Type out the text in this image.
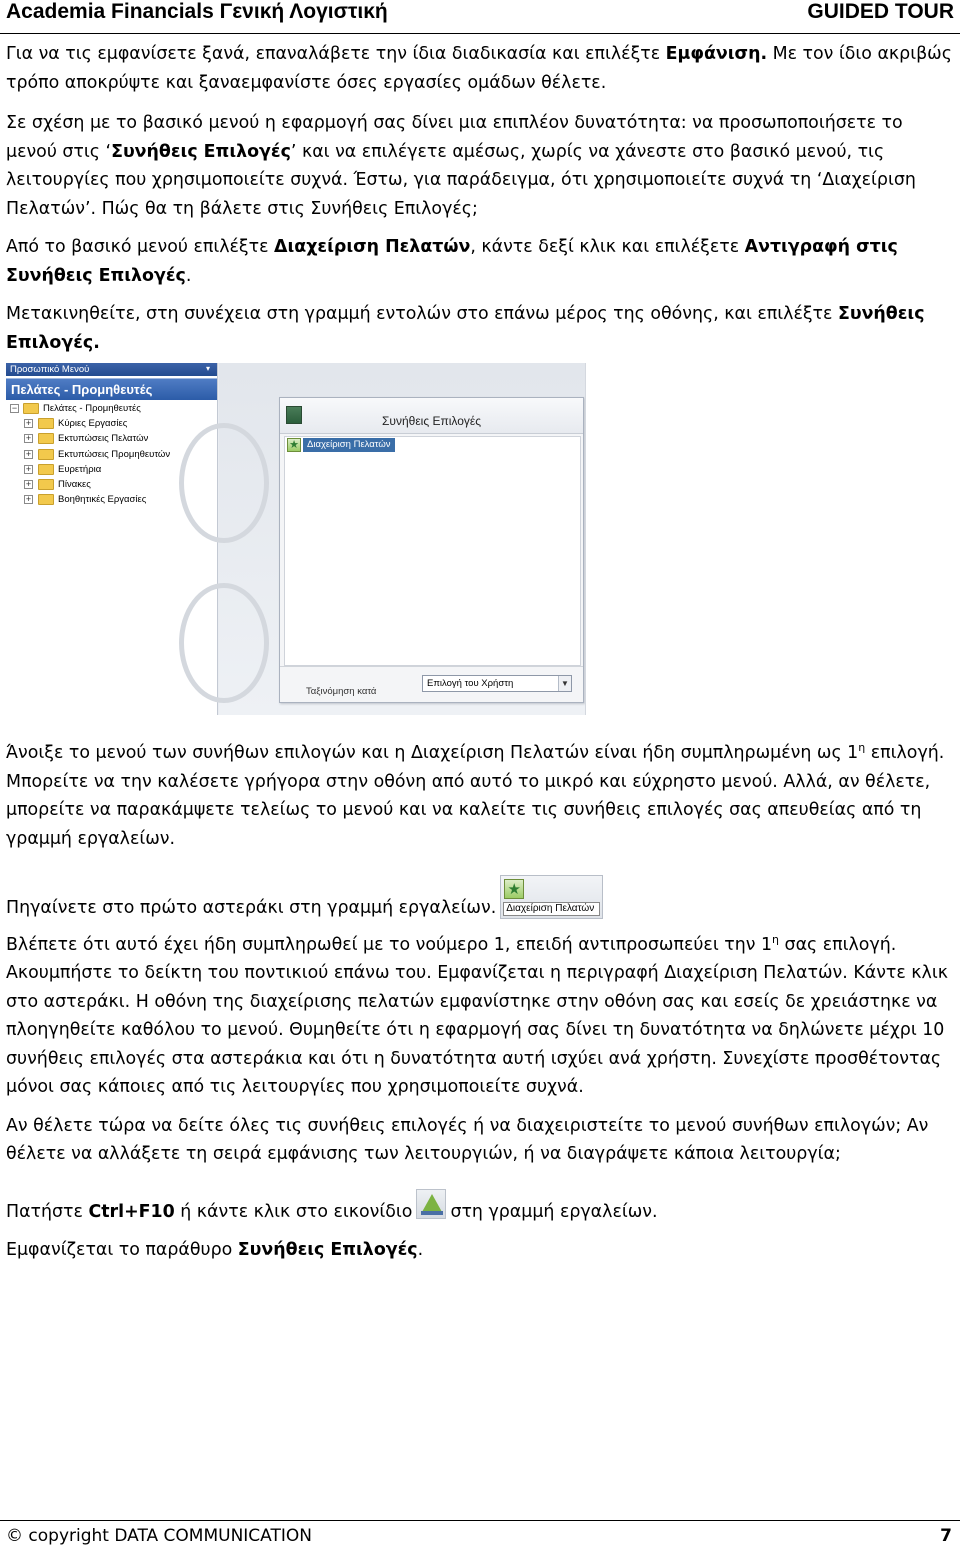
Academia Financials Γενική Λογιστική	GUIDED TOUR

Για να τις εμφανίσετε ξανά, επαναλάβετε την ίδια διαδικασία και επιλέξτε Εμφάνιση. Με τον ίδιο ακριβώς τρόπο αποκρύψτε και ξαναεμφανίστε όσες εργασίες ομάδων θέλετε.

Σε σχέση με το βασικό μενού η εφαρμογή σας δίνει μια επιπλέον δυνατότητα: να προσωποποιήσετε το μενού στις ‘Συνήθεις Επιλογές’ και να επιλέγετε αμέσως, χωρίς να χάνεστε στο βασικό μενού, τις λειτουργίες που χρησιμοποιείτε συχνά. Έστω, για παράδειγμα, ότι χρησιμοποιείτε συχνά τη ‘Διαχείριση Πελατών’. Πώς θα τη βάλετε στις Συνήθεις Επιλογές;

Από το βασικό μενού επιλέξτε Διαχείριση Πελατών, κάντε δεξί κλικ και επιλέξετε Αντιγραφή στις Συνήθεις Επιλογές.

Μετακινηθείτε, στη συνέχεια στη γραμμή εντολών στο επάνω μέρος της οθόνης, και επιλέξτε Συνήθεις Επιλογές.

Προσωπικό Μενού	▾
Πελάτες - Προμηθευτές
−	Πελάτες - Προμηθευτές
+	Κύριες Εργασίες
+	Εκτυπώσεις Πελατών
+	Εκτυπώσεις Προμηθευτών
+	Ευρετήρια
+	Πίνακες
+	Βοηθητικές Εργασίες
Συνήθεις Επιλογές
★ Διαχείριση Πελατών
Ταξινόμηση κατά
Επιλογή του Χρήστη	▼

Άνοιξε το μενού των συνήθων επιλογών και η Διαχείριση Πελατών είναι ήδη συμπληρωμένη ως $1^\eta$ επιλογή. Μπορείτε να την καλέσετε γρήγορα στην οθόνη από αυτό το μικρό και εύχρηστο μενού. Αλλά, αν θέλετε, μπορείτε να παρακάμψετε τελείως το μενού και να καλείτε τις συνήθεις επιλογές σας απευθείας από τη γραμμή εργαλείων.

Πηγαίνετε στο πρώτο αστεράκι στη γραμμή εργαλείων.
★
Διαχείριση Πελατών

Βλέπετε ότι αυτό έχει ήδη συμπληρωθεί με το νούμερο 1, επειδή αντιπροσωπεύει την $1^\eta$ σας επιλογή. Ακουμπήστε το δείκτη του ποντικιού επάνω του. Εμφανίζεται η περιγραφή Διαχείριση Πελατών. Κάντε κλικ στο αστεράκι. Η οθόνη της διαχείρισης πελατών εμφανίστηκε στην οθόνη σας και εσείς δε χρειάστηκε να πλοηγηθείτε καθόλου το μενού. Θυμηθείτε ότι η εφαρμογή σας δίνει τη δυνατότητα να δηλώνετε μέχρι 10 συνήθεις επιλογές στα αστεράκια και ότι η δυνατότητα αυτή ισχύει ανά χρήστη. Συνεχίστε προσθέτοντας μόνοι σας κάποιες από τις λειτουργίες που χρησιμοποιείτε συχνά.

Αν θέλετε τώρα να δείτε όλες τις συνήθεις επιλογές ή να διαχειριστείτε το μενού συνήθων επιλογών; Αν θέλετε να αλλάξετε τη σειρά εμφάνισης των λειτουργιών, ή να διαγράψετε κάποια λειτουργία;

Πατήστε Ctrl+F10 ή κάντε κλικ στο εικονίδιο στη γραμμή εργαλείων.

Εμφανίζεται το παράθυρο Συνήθεις Επιλογές.

© copyright DATA COMMUNICATION	7
